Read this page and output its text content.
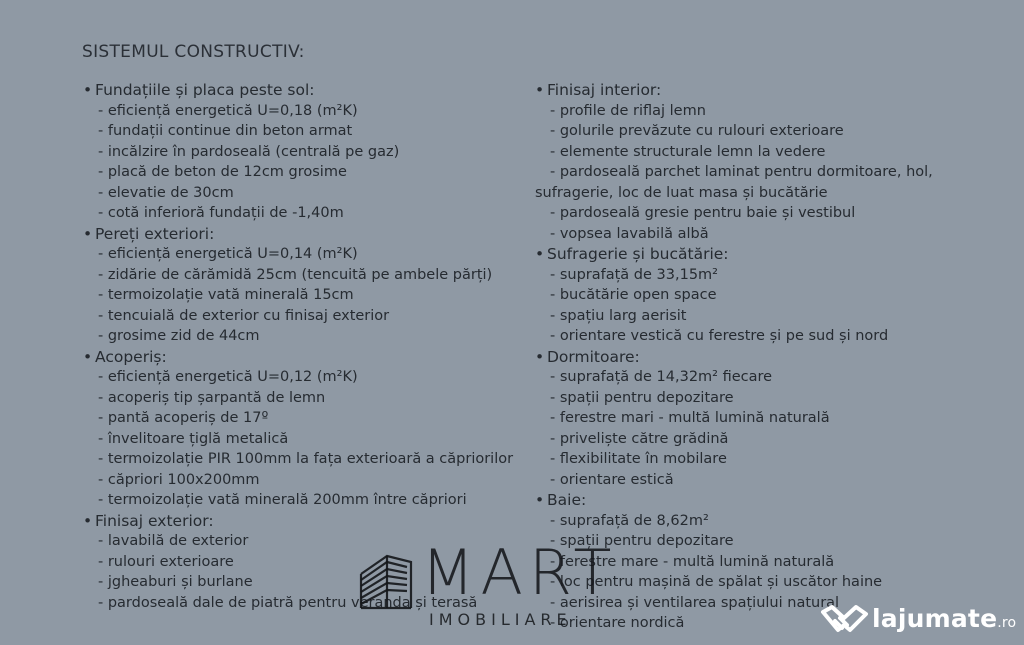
SISTEMUL CONSTRUCTIV:
• Fundațiile și placa peste sol:
- eficiență energetică U=0,18 (m²K)
- fundații continue din beton armat
- incălzire în pardoseală (centrală pe gaz)
- placă de beton de 12cm grosime
- elevatie de 30cm
- cotă inferioră fundații de -1,40m
• Pereți exteriori:
- eficiență energetică U=0,14 (m²K)
- zidărie de cărămidă 25cm (tencuită pe ambele părți)
- termoizolație vată minerală 15cm
- tencuială de exterior cu finisaj exterior
- grosime zid de 44cm
• Acoperiș:
- eficiență energetică U=0,12 (m²K)
- acoperiș tip șarpantă de lemn
- pantă acoperiș de 17º
- învelitoare țiglă metalică
- termoizolație PIR 100mm la fața exterioară a căpriorilor
- căpriori 100x200mm
- termoizolație vată minerală 200mm între căpriori
• Finisaj exterior:
- lavabilă de exterior
- rulouri exterioare
- jgheaburi și burlane
- pardoseală dale de piatră pentru veranda și terasă
• Finisaj interior:
- profile de riflaj lemn
- golurile prevăzute cu rulouri exterioare
- elemente structurale lemn la vedere
- pardoseală parchet laminat pentru dormitoare, hol, sufragerie, loc de luat masa și bucătărie
- pardoseală gresie pentru baie și vestibul
- vopsea lavabilă albă
• Sufragerie și bucătărie:
- suprafață de 33,15m²
- bucătărie open space
- spațiu larg aerisit
- orientare vestică cu ferestre și pe sud și nord
• Dormitoare:
- suprafață de 14,32m² fiecare
- spații pentru depozitare
- ferestre mari - multă lumină naturală
- priveliște către grădină
- flexibilitate în mobilare
- orientare estică
• Baie:
- suprafață de 8,62m²
- spații pentru depozitare
- ferestre mare - multă lumină naturală
- loc pentru mașină de spălat și uscător haine
- aerisirea și ventilarea spațiului natural
- orientare nordică
MART
IMOBILIARE	lajumate.ro
